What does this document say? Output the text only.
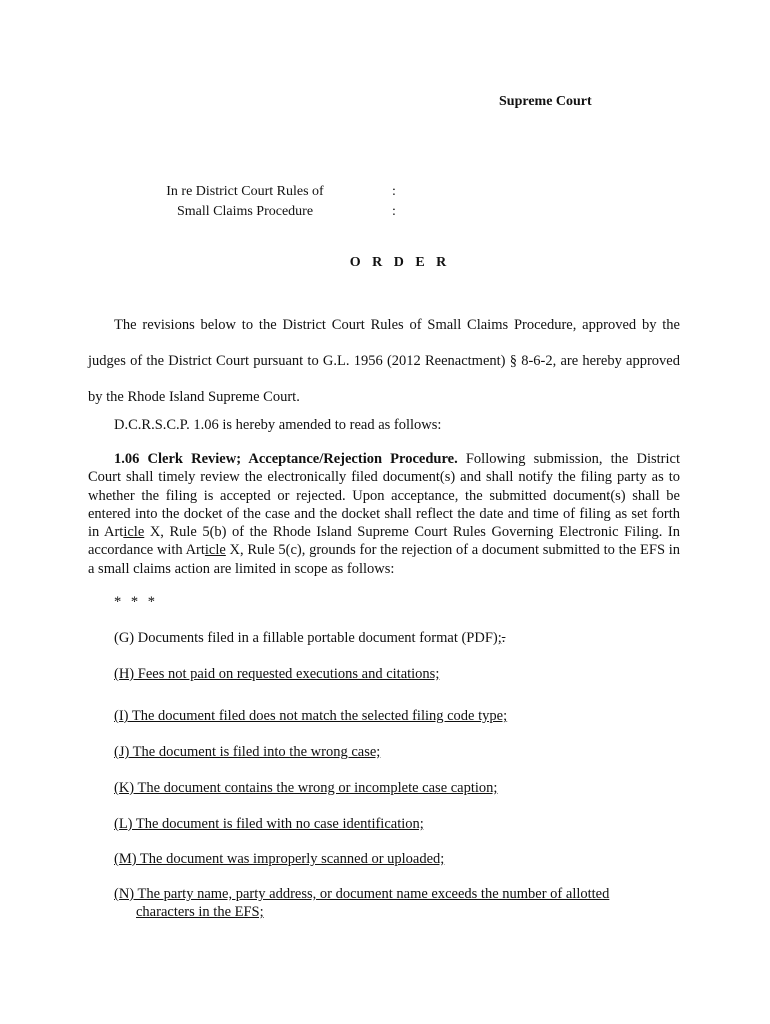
Supreme Court
In re District Court Rules of	:
Small Claims Procedure	:
O R D E R

The revisions below to the District Court Rules of Small Claims Procedure, approved by the judges of the District Court pursuant to G.L. 1956 (2012 Reenactment) § 8-6-2, are hereby approved by the Rhode Island Supreme Court.

D.C.R.S.C.P. 1.06 is hereby amended to read as follows:

1.06 Clerk Review; Acceptance/Rejection Procedure. Following submission, the District Court shall timely review the electronically filed document(s) and shall notify the filing party as to whether the filing is accepted or rejected. Upon acceptance, the submitted document(s) shall be entered into the docket of the case and the docket shall reflect the date and time of filing as set forth in Article X, Rule 5(b) of the Rhode Island Supreme Court Rules Governing Electronic Filing. In accordance with Article X, Rule 5(c), grounds for the rejection of a document submitted to the EFS in a small claims action are limited in scope as follows:

* * *

(G) Documents filed in a fillable portable document format (PDF);.

(H) Fees not paid on requested executions and citations;

(I) The document filed does not match the selected filing code type;

(J) The document is filed into the wrong case;

(K) The document contains the wrong or incomplete case caption;

(L) The document is filed with no case identification;

(M) The document was improperly scanned or uploaded;

(N) The party name, party address, or document name exceeds the number of allotted
characters in the EFS;
